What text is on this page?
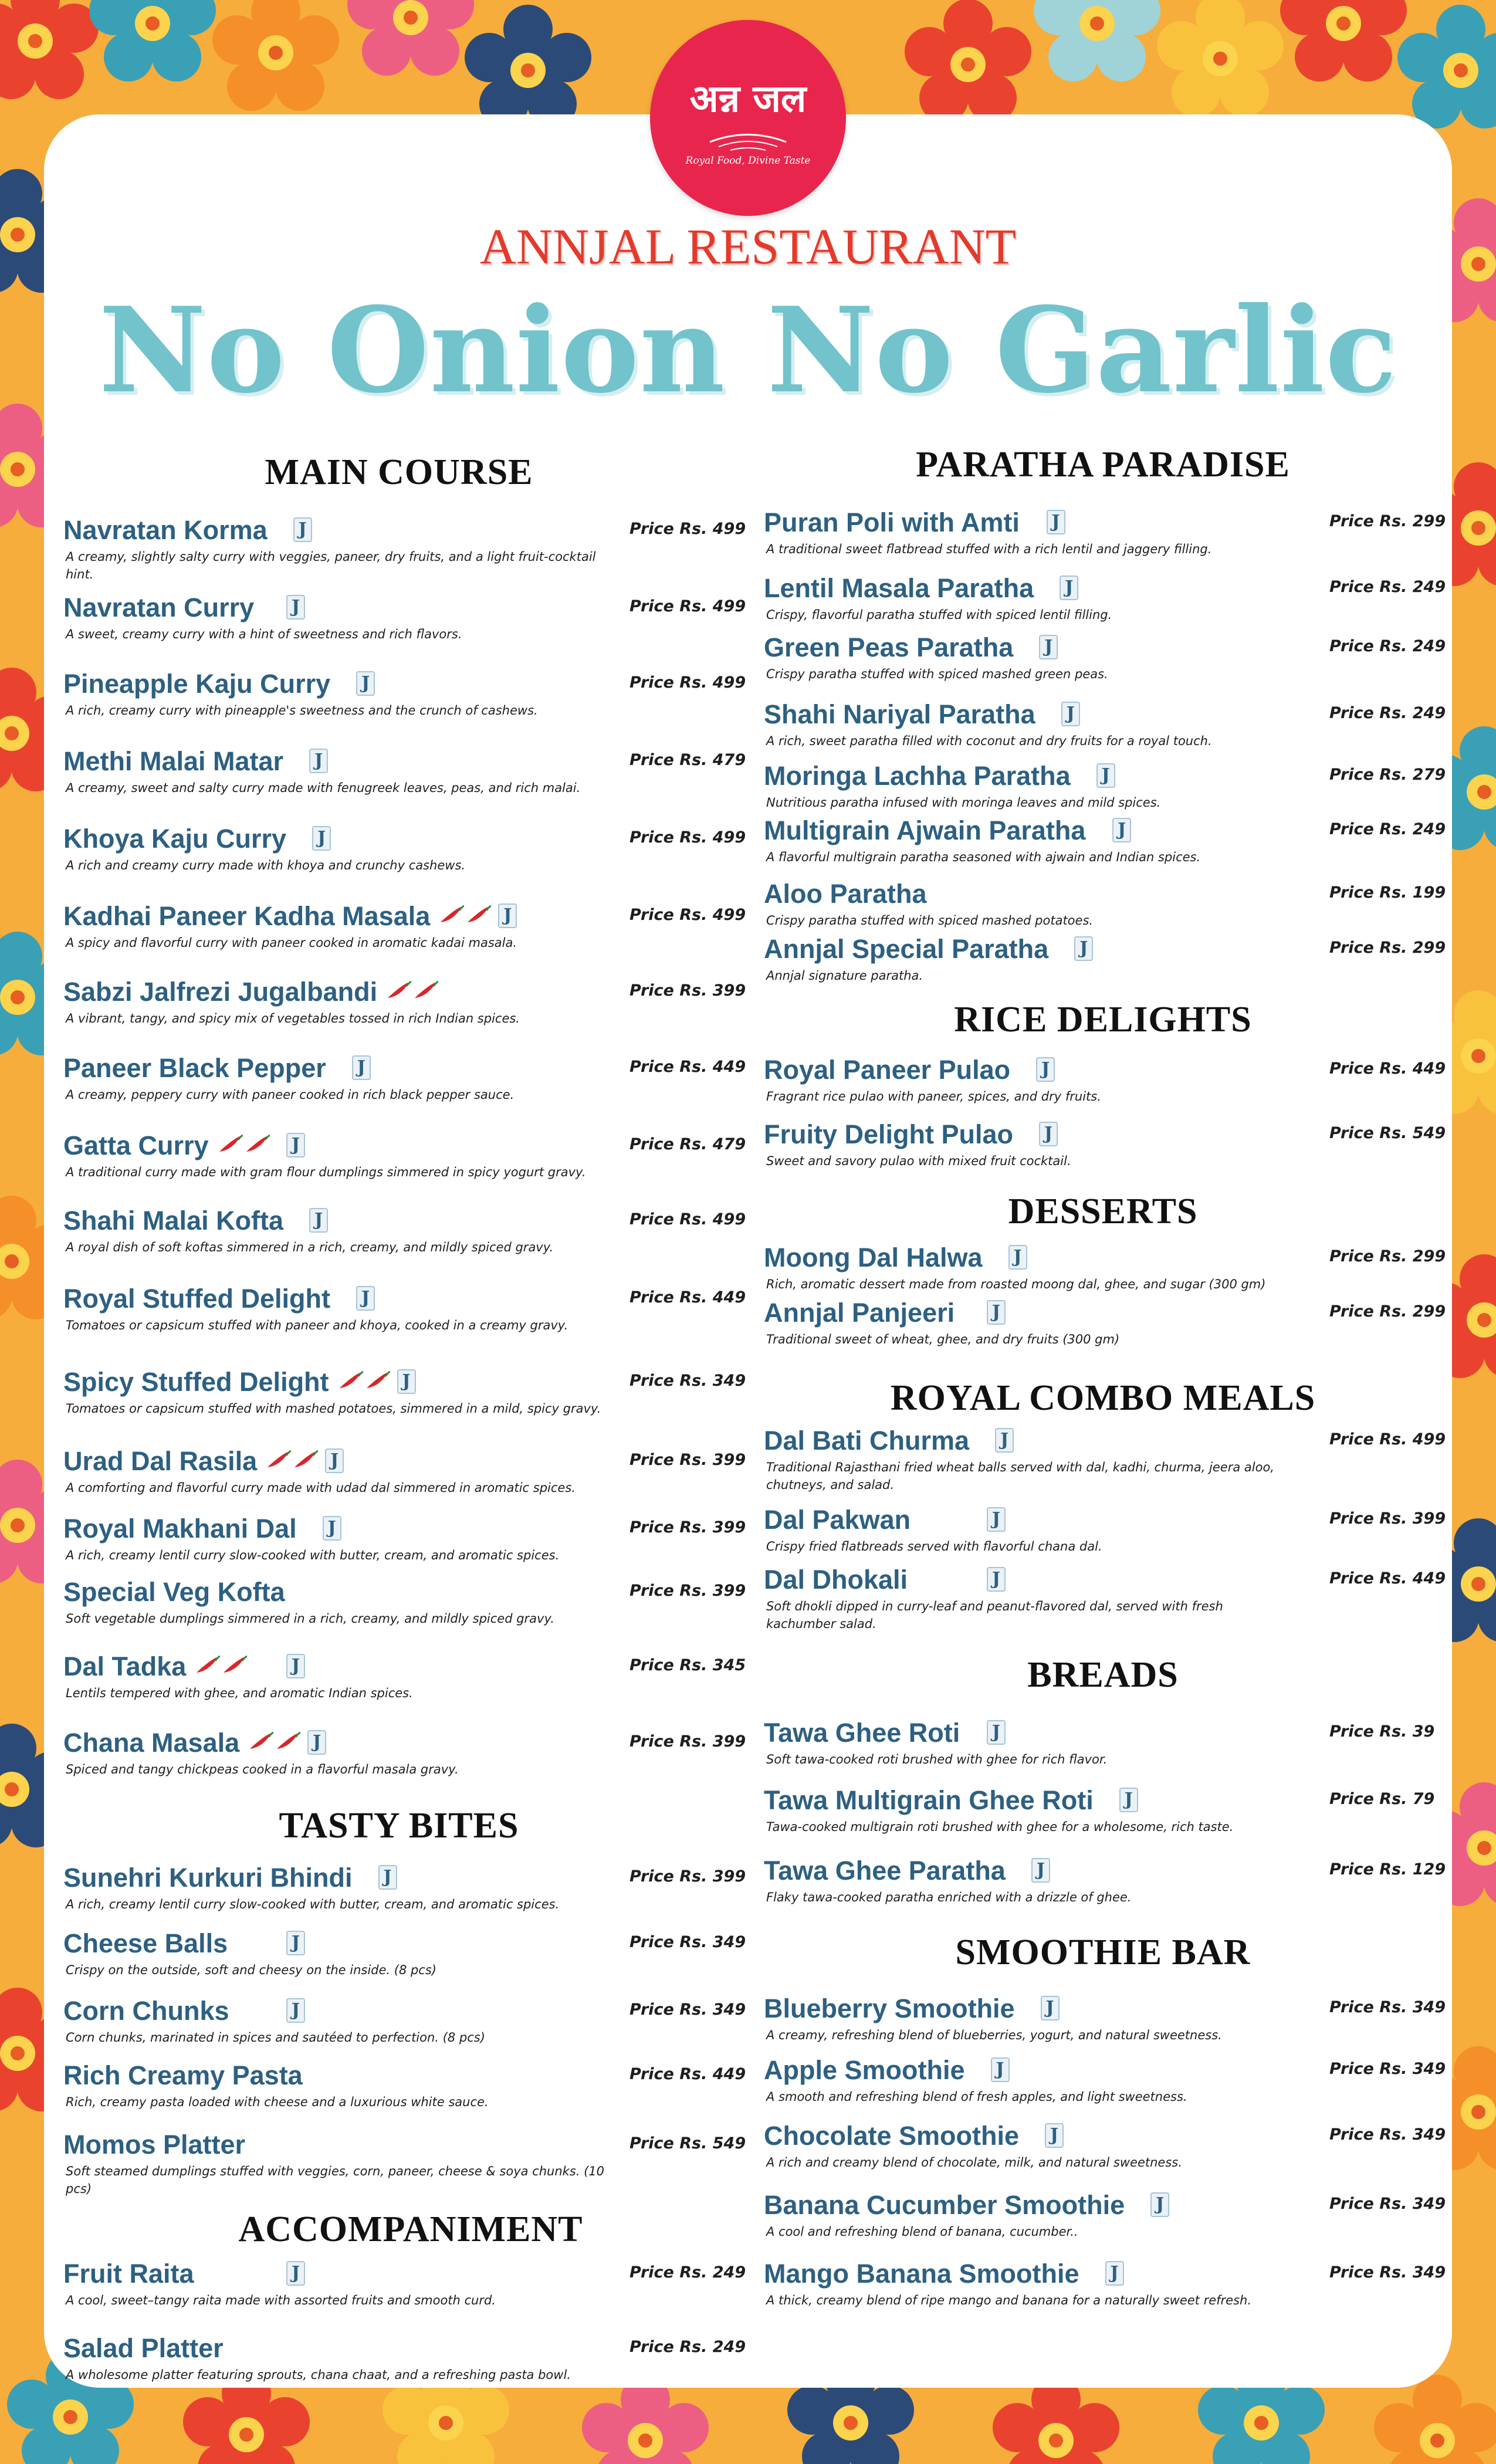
अन्न जल
Royal Food, Divine Taste
ANNJAL RESTAURANT
No Onion No Garlic
MAIN COURSE
Navratan Korma J	Price Rs. 499
A creamy, slightly salty curry with veggies, paneer, dry fruits, and a light fruit-cocktail hint.
Navratan Curry J	Price Rs. 499
A sweet, creamy curry with a hint of sweetness and rich flavors.
Pineapple Kaju Curry J	Price Rs. 499
A rich, creamy curry with pineapple's sweetness and the crunch of cashews.
Methi Malai Matar J	Price Rs. 479
A creamy, sweet and salty curry made with fenugreek leaves, peas, and rich malai.
Khoya Kaju Curry J	Price Rs. 499
A rich and creamy curry made with khoya and crunchy cashews.
Kadhai Paneer Kadha Masala	J	Price Rs. 499
A spicy and flavorful curry with paneer cooked in aromatic kadai masala.
Sabzi Jalfrezi Jugalbandi	Price Rs. 399
A vibrant, tangy, and spicy mix of vegetables tossed in rich Indian spices.
Paneer Black Pepper J	Price Rs. 449
A creamy, peppery curry with paneer cooked in rich black pepper sauce.
Gatta Curry	J	Price Rs. 479
A traditional curry made with gram flour dumplings simmered in spicy yogurt gravy.
Shahi Malai Kofta J	Price Rs. 499
A royal dish of soft koftas simmered in a rich, creamy, and mildly spiced gravy.
Royal Stuffed Delight J	Price Rs. 449
Tomatoes or capsicum stuffed with paneer and khoya, cooked in a creamy gravy.
Spicy Stuffed Delight	J	Price Rs. 349
Tomatoes or capsicum stuffed with mashed potatoes, simmered in a mild, spicy gravy.
Urad Dal Rasila	J	Price Rs. 399
A comforting and flavorful curry made with udad dal simmered in aromatic spices.
Royal Makhani Dal J	Price Rs. 399
A rich, creamy lentil curry slow-cooked with butter, cream, and aromatic spices.
Special Veg Kofta	Price Rs. 399
Soft vegetable dumplings simmered in a rich, creamy, and mildly spiced gravy.
Dal Tadka	J	Price Rs. 345
Lentils tempered with ghee, and aromatic Indian spices.
Chana Masala	J	Price Rs. 399
Spiced and tangy chickpeas cooked in a flavorful masala gravy.
TASTY BITES
Sunehri Kurkuri Bhindi J	Price Rs. 399
A rich, creamy lentil curry slow-cooked with butter, cream, and aromatic spices.
Cheese Balls	J	Price Rs. 349
Crispy on the outside, soft and cheesy on the inside. (8 pcs)
Corn Chunks	J	Price Rs. 349
Corn chunks, marinated in spices and sautéed to perfection. (8 pcs)
Rich Creamy Pasta	Price Rs. 449
Rich, creamy pasta loaded with cheese and a luxurious white sauce.
Momos Platter	Price Rs. 549
Soft steamed dumplings stuffed with veggies, corn, paneer, cheese & soya chunks. (10 pcs)
ACCOMPANIMENT
Fruit Raita	J	Price Rs. 249
A cool, sweet–tangy raita made with assorted fruits and smooth curd.
Salad Platter	Price Rs. 249
A wholesome platter featuring sprouts, chana chaat, and a refreshing pasta bowl.
PARATHA PARADISE
Puran Poli with Amti J	Price Rs. 299
A traditional sweet flatbread stuffed with a rich lentil and jaggery filling.
Lentil Masala Paratha J	Price Rs. 249
Crispy, flavorful paratha stuffed with spiced lentil filling.
Green Peas Paratha J	Price Rs. 249
Crispy paratha stuffed with spiced mashed green peas.
Shahi Nariyal Paratha J	Price Rs. 249
A rich, sweet paratha filled with coconut and dry fruits for a royal touch.
Moringa Lachha Paratha J	Price Rs. 279
Nutritious paratha infused with moringa leaves and mild spices.
Multigrain Ajwain Paratha J	Price Rs. 249
A flavorful multigrain paratha seasoned with ajwain and Indian spices.
Aloo Paratha	Price Rs. 199
Crispy paratha stuffed with spiced mashed potatoes.
Annjal Special Paratha J	Price Rs. 299
Annjal signature paratha.
RICE DELIGHTS
Royal Paneer Pulao J	Price Rs. 449
Fragrant rice pulao with paneer, spices, and dry fruits.
Fruity Delight Pulao J	Price Rs. 549
Sweet and savory pulao with mixed fruit cocktail.
DESSERTS
Moong Dal Halwa J	Price Rs. 299
Rich, aromatic dessert made from roasted moong dal, ghee, and sugar (300 gm)
Annjal Panjeeri J	Price Rs. 299
Traditional sweet of wheat, ghee, and dry fruits (300 gm)
ROYAL COMBO MEALS
Dal Bati Churma J	Price Rs. 499
Traditional Rajasthani fried wheat balls served with dal, kadhi, churma, jeera aloo, chutneys, and salad.
Dal Pakwan	J	Price Rs. 399
Crispy fried flatbreads served with flavorful chana dal.
Dal Dhokali	J	Price Rs. 449
Soft dhokli dipped in curry-leaf and peanut-flavored dal, served with fresh kachumber salad.
BREADS
Tawa Ghee Roti J	Price Rs. 39
Soft tawa-cooked roti brushed with ghee for rich flavor.
Tawa Multigrain Ghee Roti J	Price Rs. 79
Tawa-cooked multigrain roti brushed with ghee for a wholesome, rich taste.
Tawa Ghee Paratha J	Price Rs. 129
Flaky tawa-cooked paratha enriched with a drizzle of ghee.
SMOOTHIE BAR
Blueberry Smoothie J	Price Rs. 349
A creamy, refreshing blend of blueberries, yogurt, and natural sweetness.
Apple Smoothie J	Price Rs. 349
A smooth and refreshing blend of fresh apples, and light sweetness.
Chocolate Smoothie J	Price Rs. 349
A rich and creamy blend of chocolate, milk, and natural sweetness.
Banana Cucumber Smoothie J	Price Rs. 349
A cool and refreshing blend of banana, cucumber..
Mango Banana Smoothie J	Price Rs. 349
A thick, creamy blend of ripe mango and banana for a naturally sweet refresh.
